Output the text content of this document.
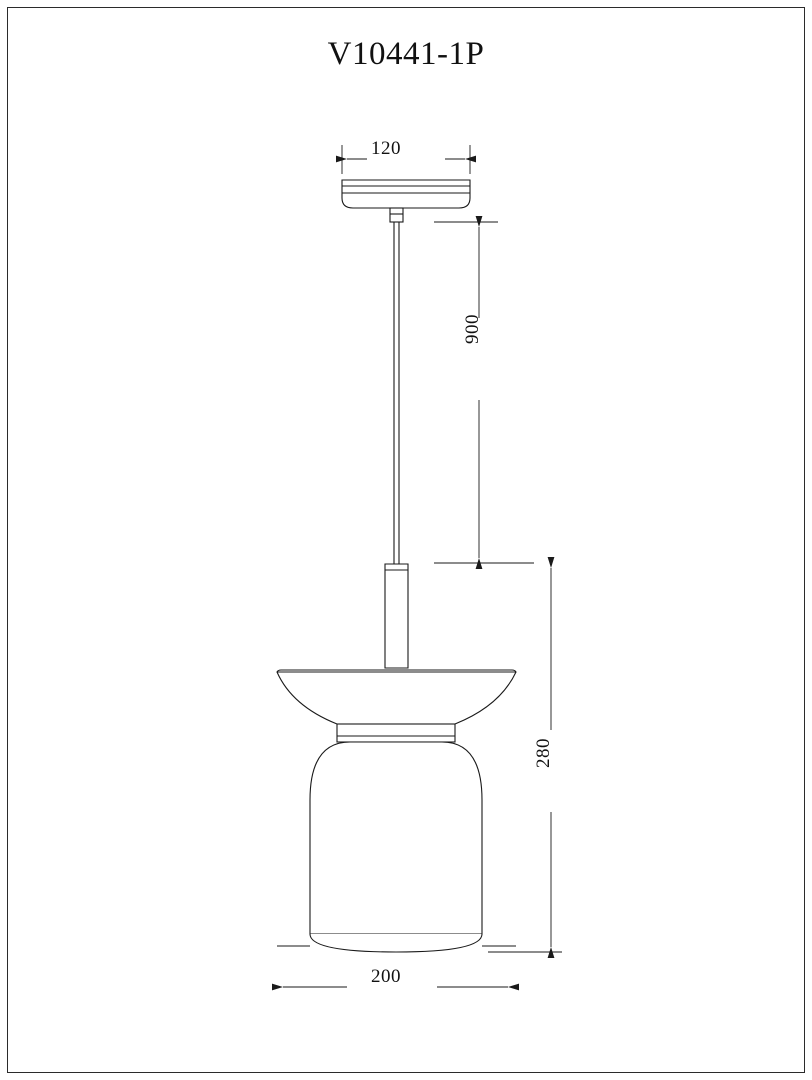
V10441-1P
120
900
280
200
